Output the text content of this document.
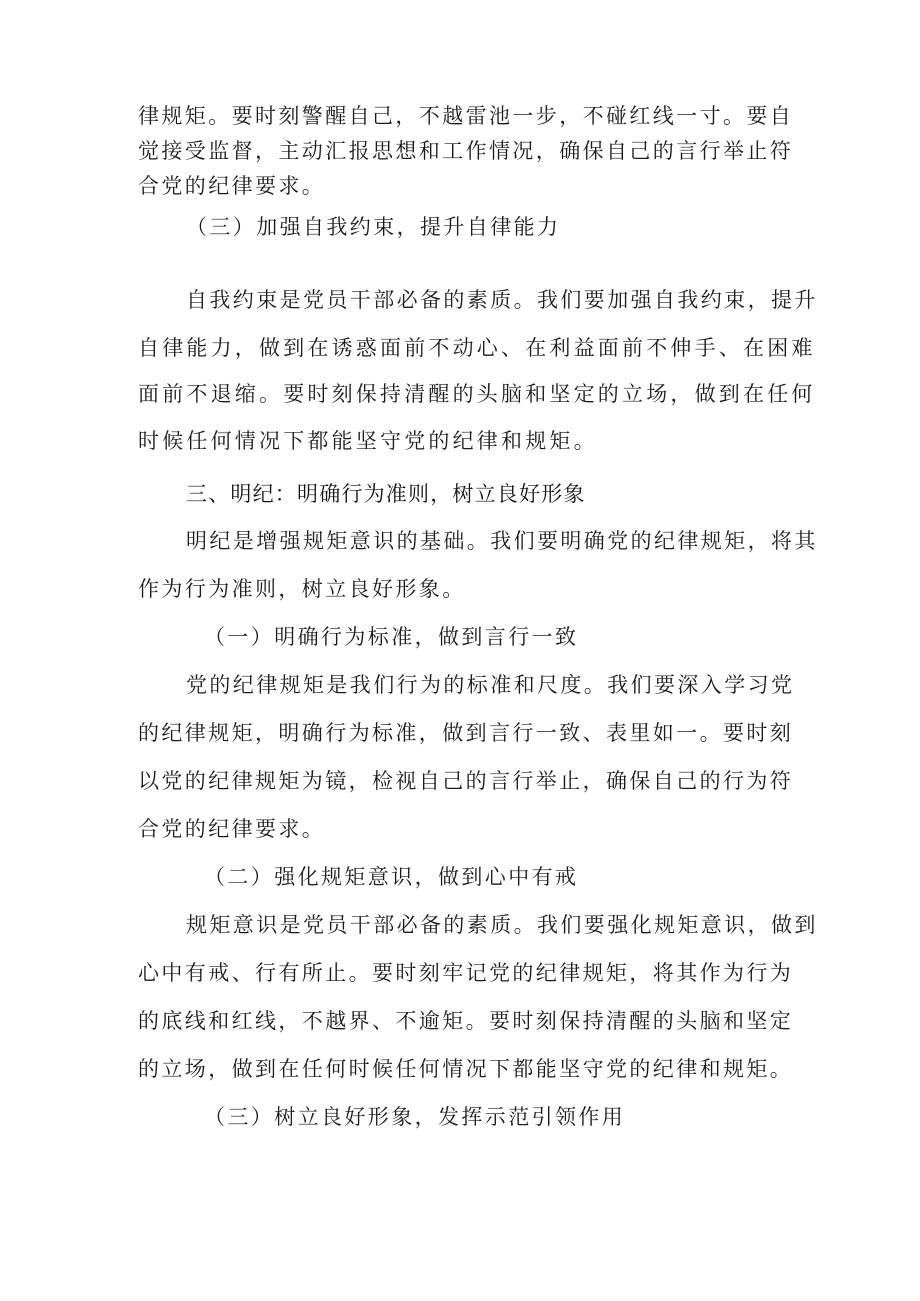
律规矩。要时刻警醒自己，不越雷池一步，不碰红线一寸。要自
觉接受监督，主动汇报思想和工作情况，确保自己的言行举止符
合党的纪律要求。
（三）加强自我约束，提升自律能力
自我约束是党员干部必备的素质。我们要加强自我约束，提升
自律能力，做到在诱惑面前不动心、在利益面前不伸手、在困难
面前不退缩。要时刻保持清醒的头脑和坚定的立场，做到在任何
时候任何情况下都能坚守党的纪律和规矩。
三、明纪：明确行为准则，树立良好形象
明纪是增强规矩意识的基础。我们要明确党的纪律规矩，将其
作为行为准则，树立良好形象。
（一）明确行为标准，做到言行一致
党的纪律规矩是我们行为的标准和尺度。我们要深入学习党
的纪律规矩，明确行为标准，做到言行一致、表里如一。要时刻
以党的纪律规矩为镜，检视自己的言行举止，确保自己的行为符
合党的纪律要求。
（二）强化规矩意识，做到心中有戒
规矩意识是党员干部必备的素质。我们要强化规矩意识，做到
心中有戒、行有所止。要时刻牢记党的纪律规矩，将其作为行为
的底线和红线，不越界、不逾矩。要时刻保持清醒的头脑和坚定
的立场，做到在任何时候任何情况下都能坚守党的纪律和规矩。
（三）树立良好形象，发挥示范引领作用
